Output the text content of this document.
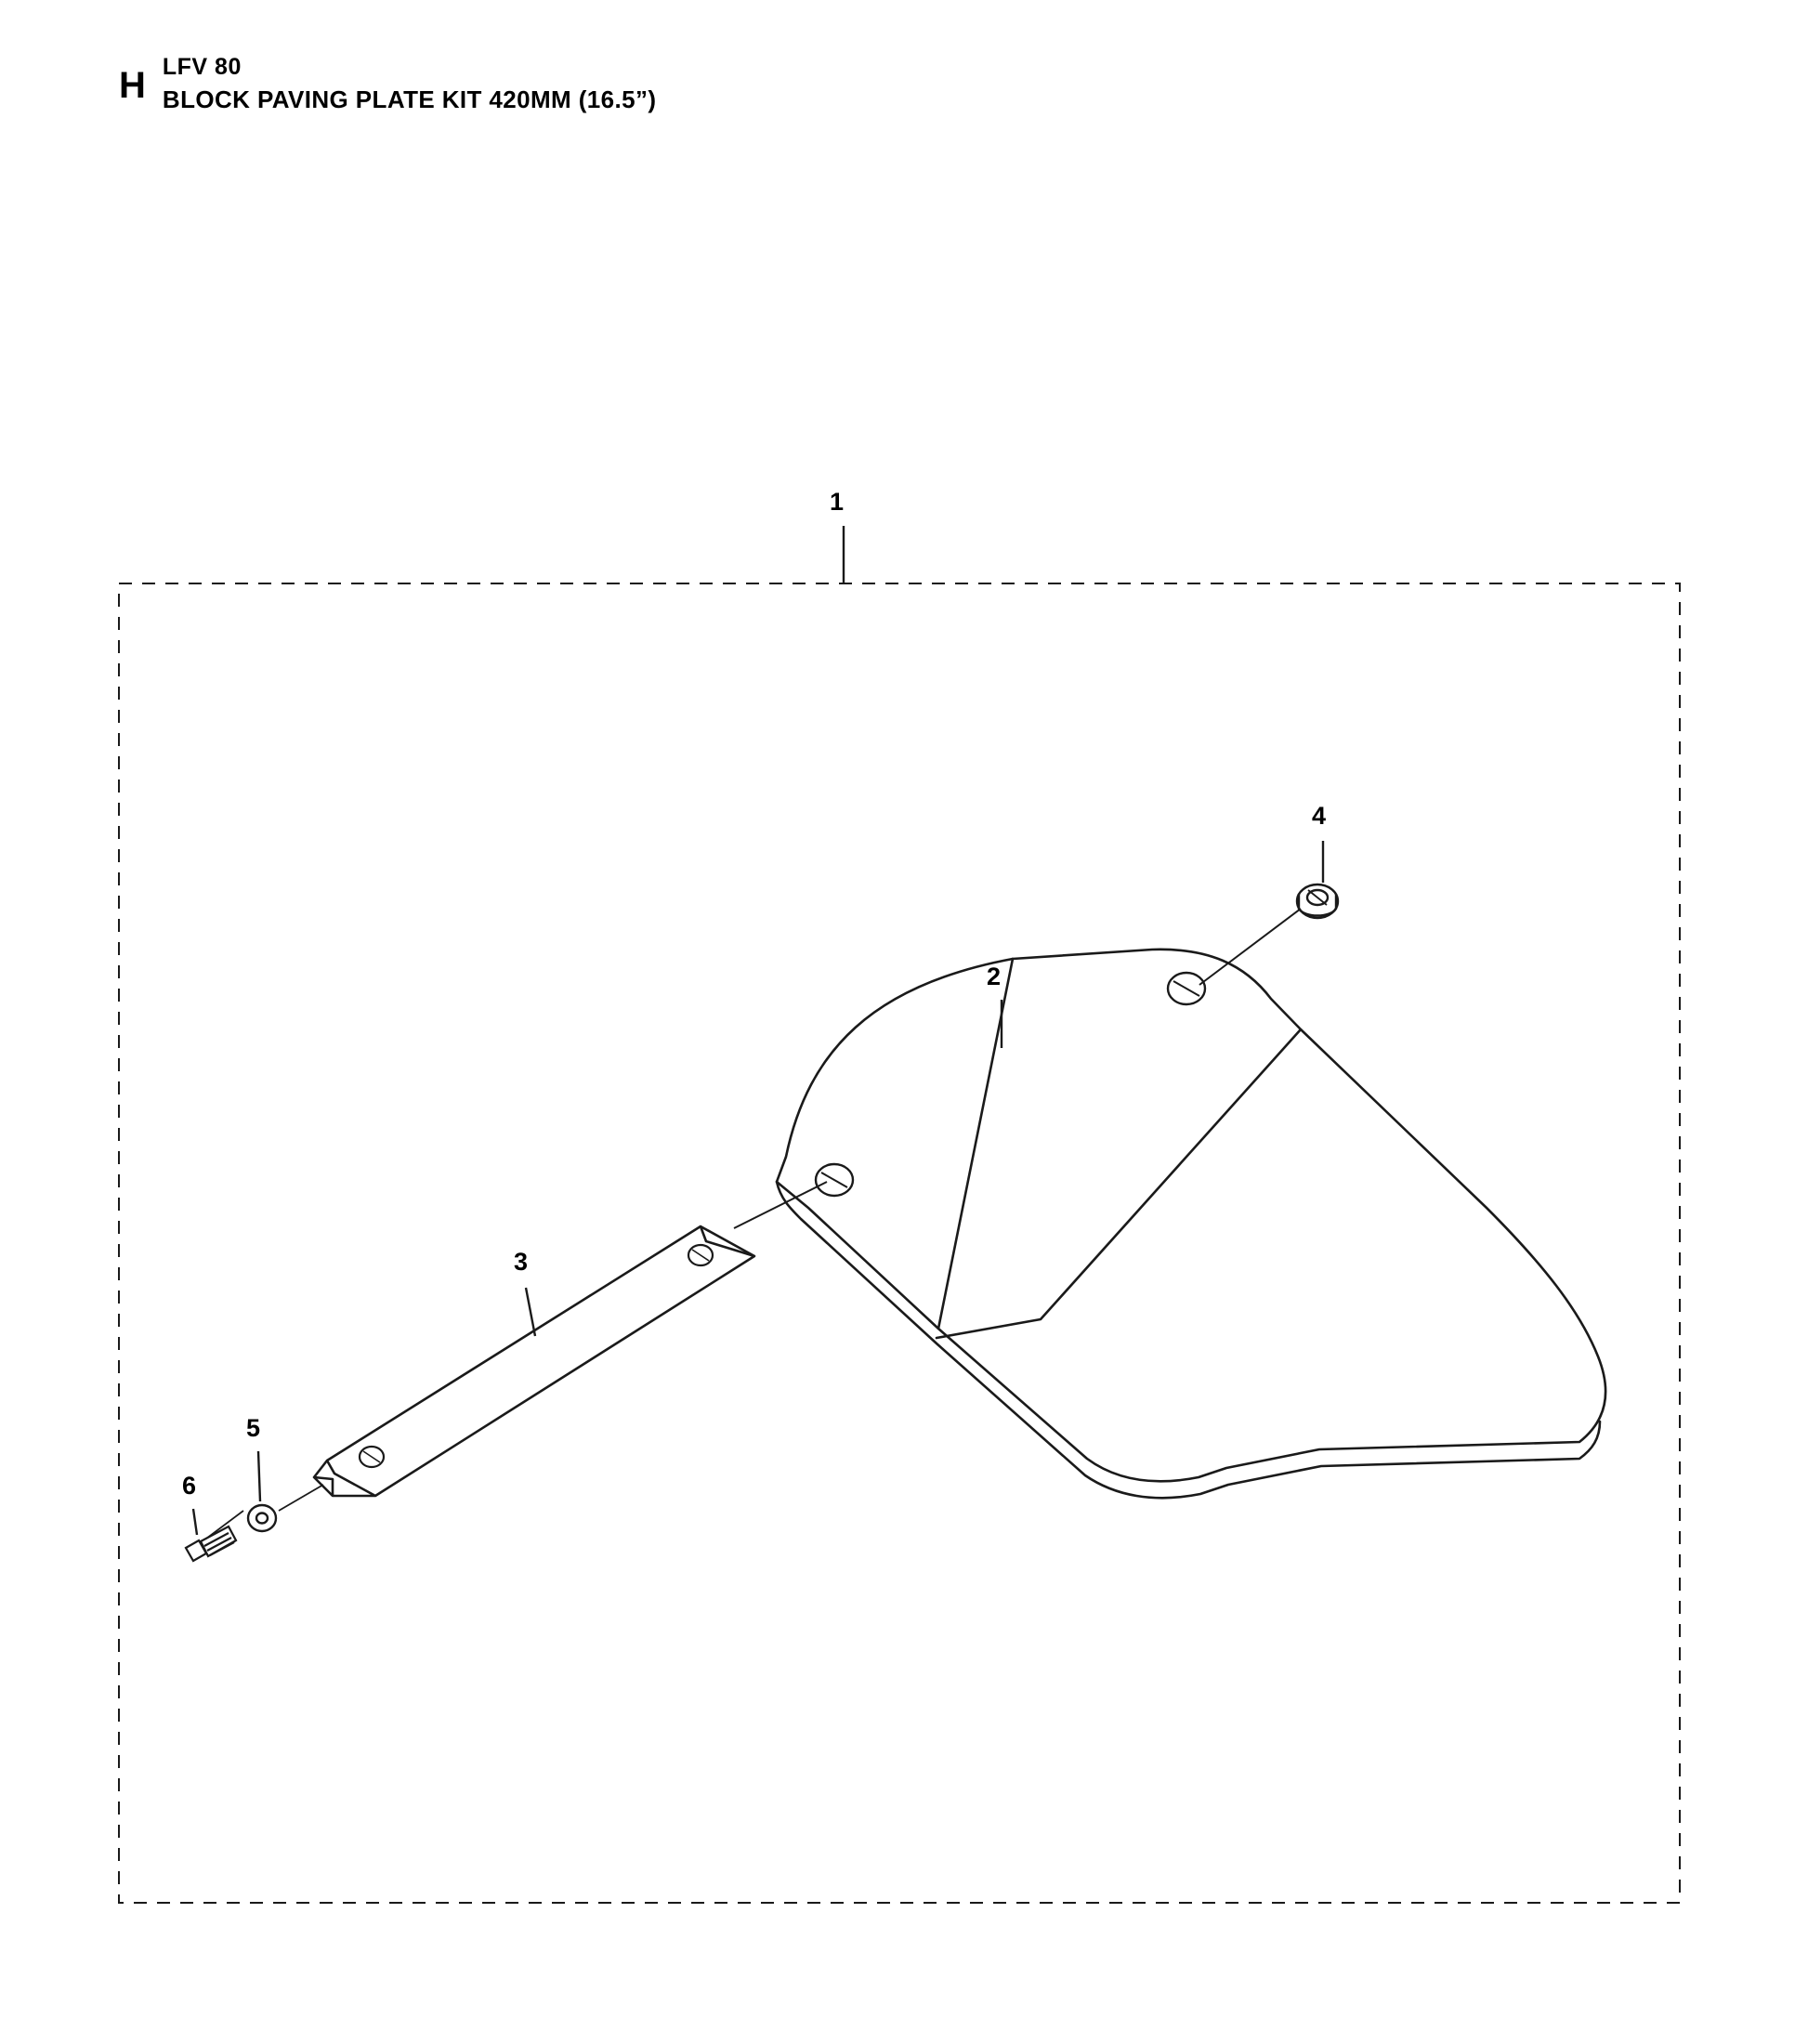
H LFV 80
BLOCK PAVING PLATE KIT 420MM (16.5”)
1
2
3
4
5
6
